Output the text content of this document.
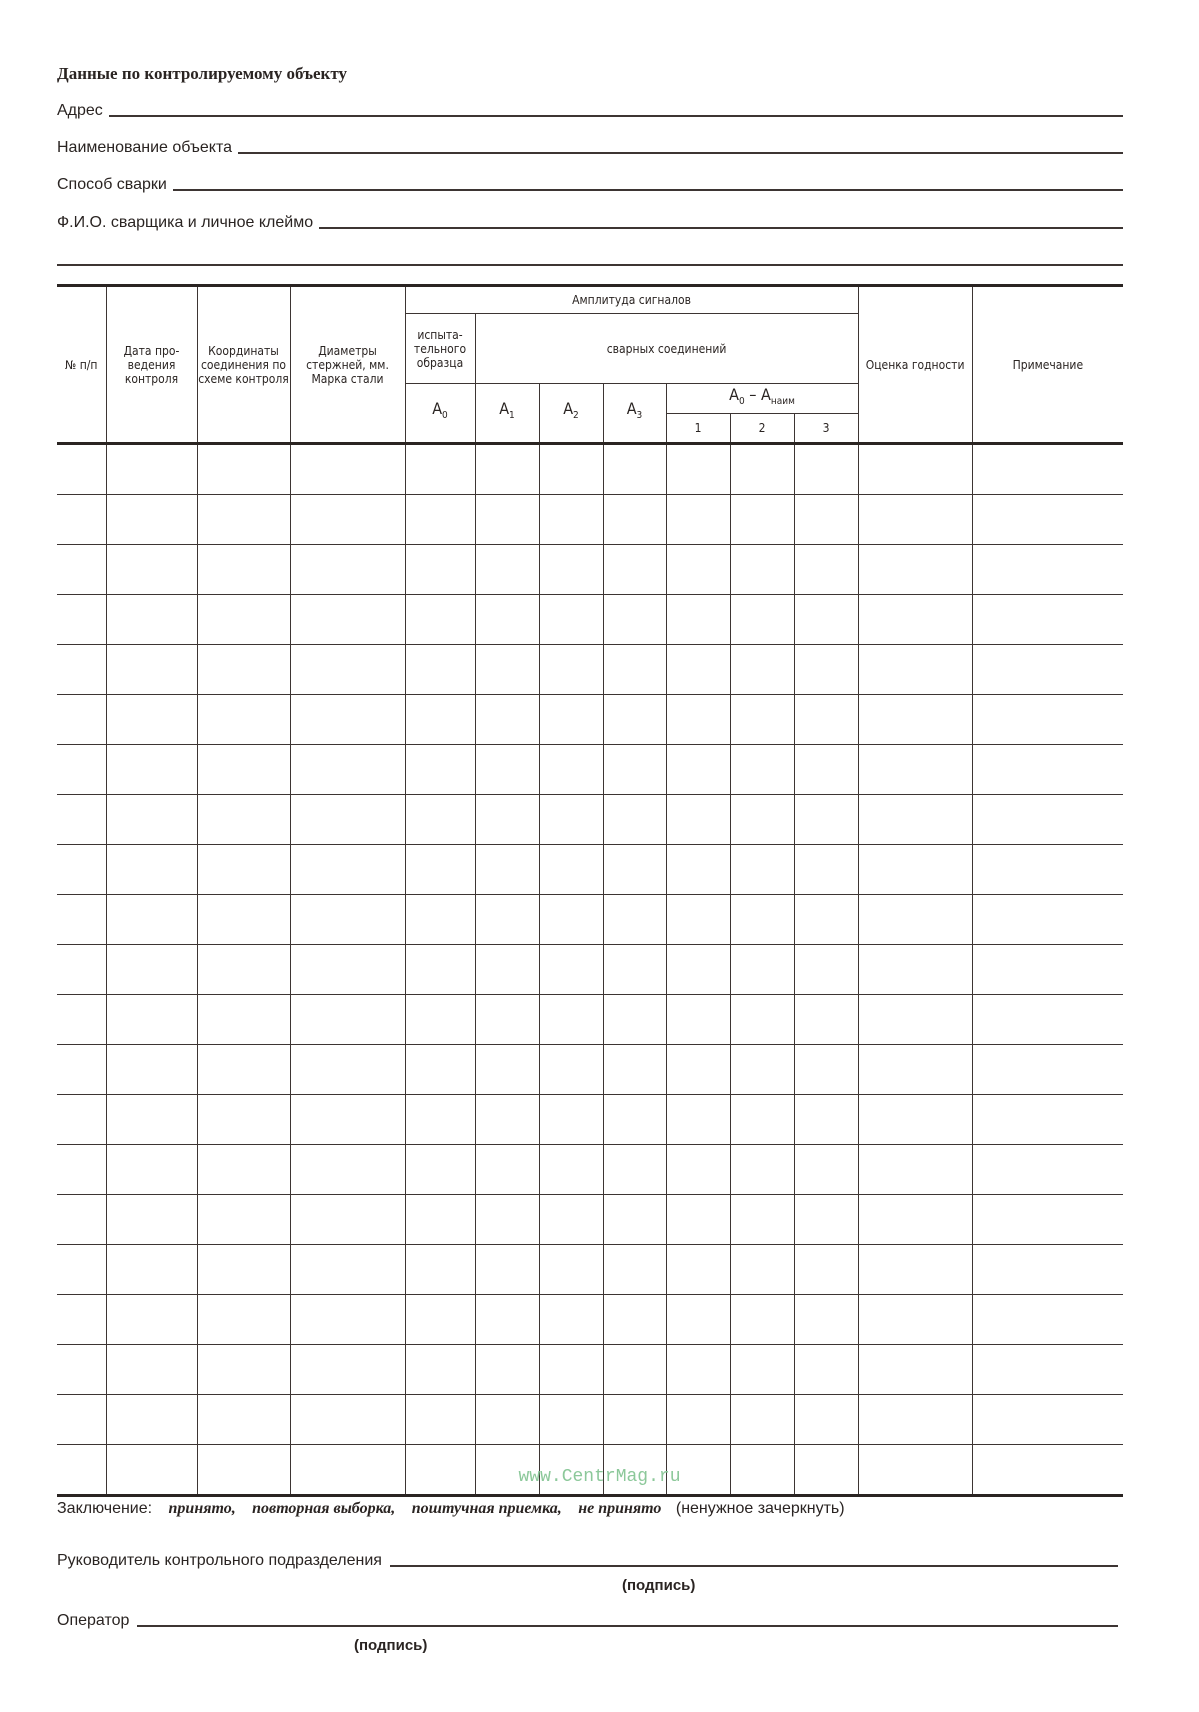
Данные по контролируемому объекту
Адрес
Наименование объекта
Способ сварки
Ф.И.О. сварщика и личное клеймо
№ п/п	Дата про-ведения контроля	Координаты соединения по схеме контроля	Диаметры стержней, мм. Марка стали	Амплитуда сигналов							Оценка годности	Примечание
				испыта-тельного образца	сварных соединений							
				$A_0$	$A_1$	$A_2$	$A_3$	$A_0 - A_{наим}$
								1	2	3		

www.CentrMag.ru
Заключение: принято, повторная выборка, поштучная приемка, не принято (ненужное зачеркнуть)
Руководитель контрольного подразделения
(подпись)
Оператор
(подпись)
